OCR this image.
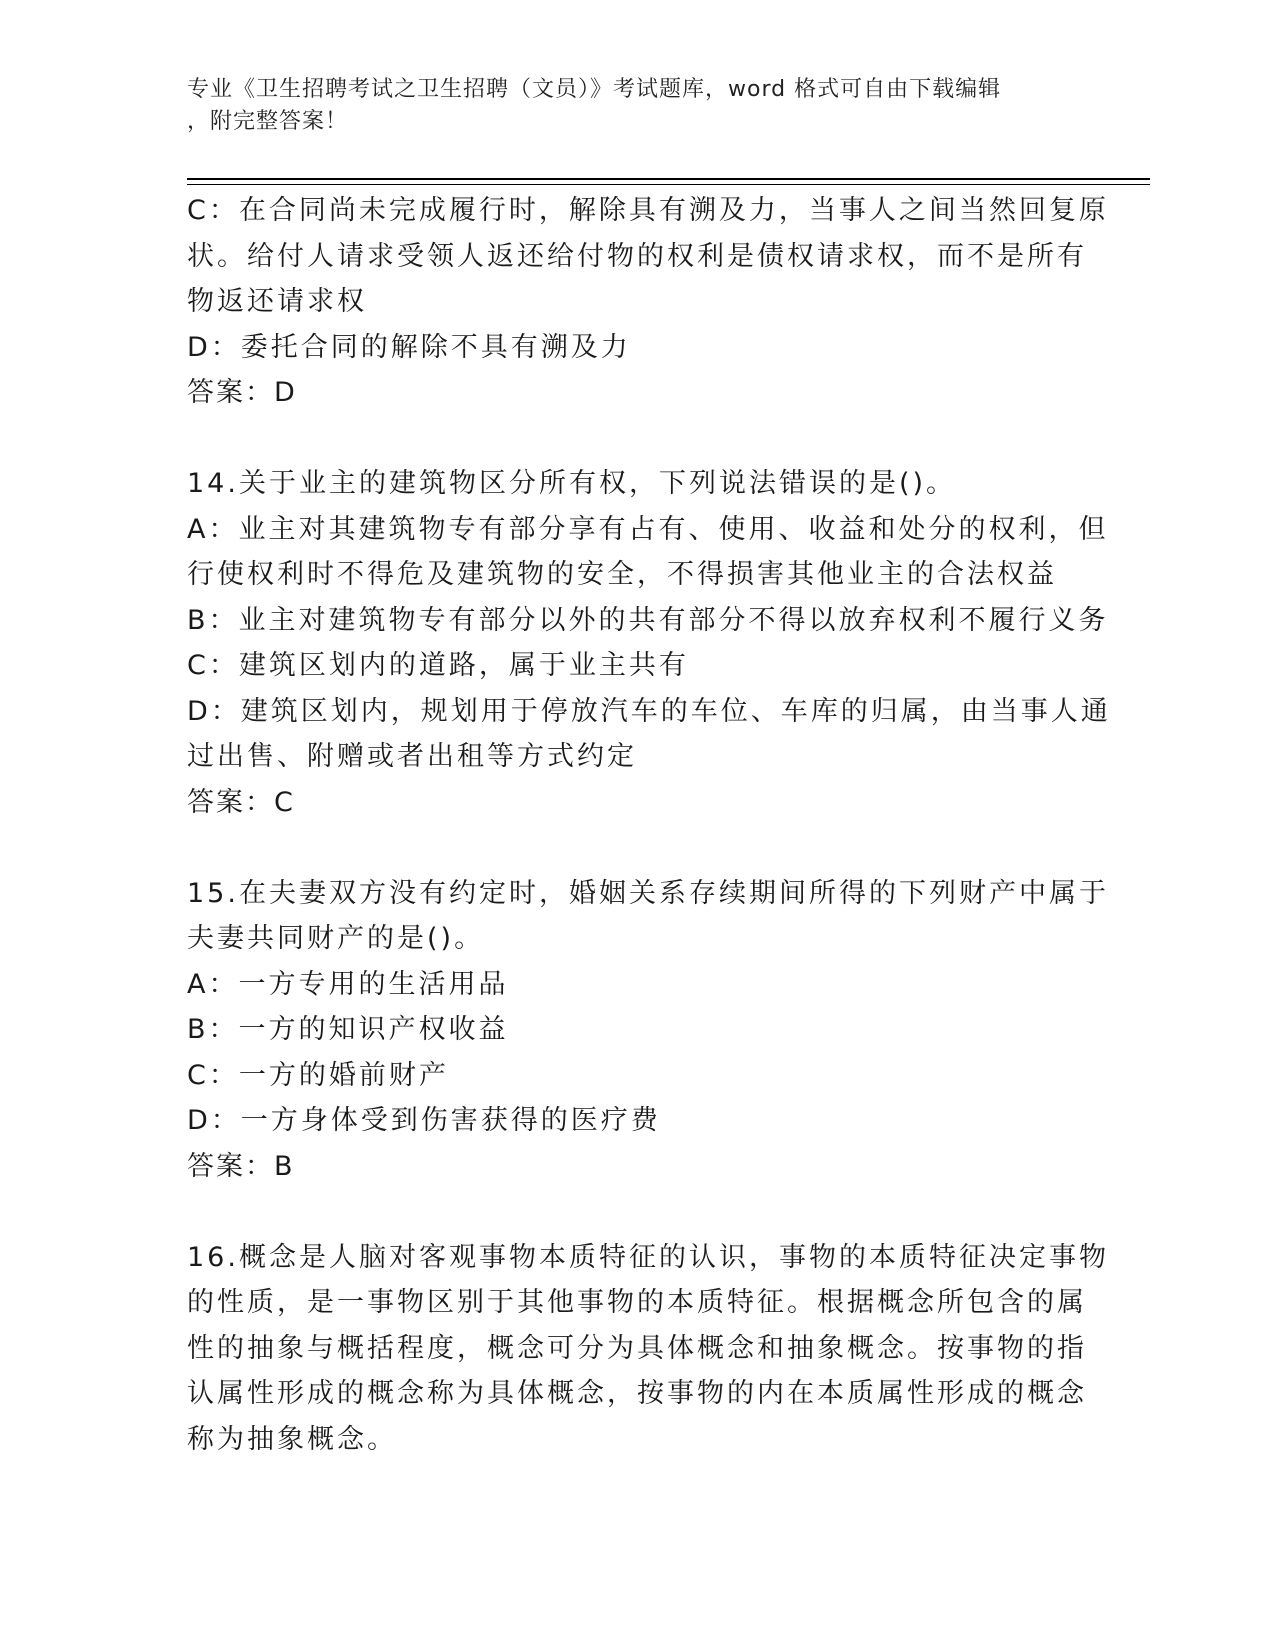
专业《卫生招聘考试之卫生招聘（文员）》考试题库，word 格式可自由下载编辑
，附完整答案！
C：在合同尚未完成履行时，解除具有溯及力，当事人之间当然回复原
状。给付人请求受领人返还给付物的权利是债权请求权，而不是所有
物返还请求权
D：委托合同的解除不具有溯及力
答案：D
14.关于业主的建筑物区分所有权，下列说法错误的是()。
A：业主对其建筑物专有部分享有占有、使用、收益和处分的权利，但
行使权利时不得危及建筑物的安全，不得损害其他业主的合法权益
B：业主对建筑物专有部分以外的共有部分不得以放弃权利不履行义务
C：建筑区划内的道路，属于业主共有
D：建筑区划内，规划用于停放汽车的车位、车库的归属，由当事人通
过出售、附赠或者出租等方式约定
答案：C
15.在夫妻双方没有约定时，婚姻关系存续期间所得的下列财产中属于
夫妻共同财产的是()。
A：一方专用的生活用品
B：一方的知识产权收益
C：一方的婚前财产
D：一方身体受到伤害获得的医疗费
答案：B
16.概念是人脑对客观事物本质特征的认识，事物的本质特征决定事物
的性质，是一事物区别于其他事物的本质特征。根据概念所包含的属
性的抽象与概括程度，概念可分为具体概念和抽象概念。按事物的指
认属性形成的概念称为具体概念，按事物的内在本质属性形成的概念
称为抽象概念。
